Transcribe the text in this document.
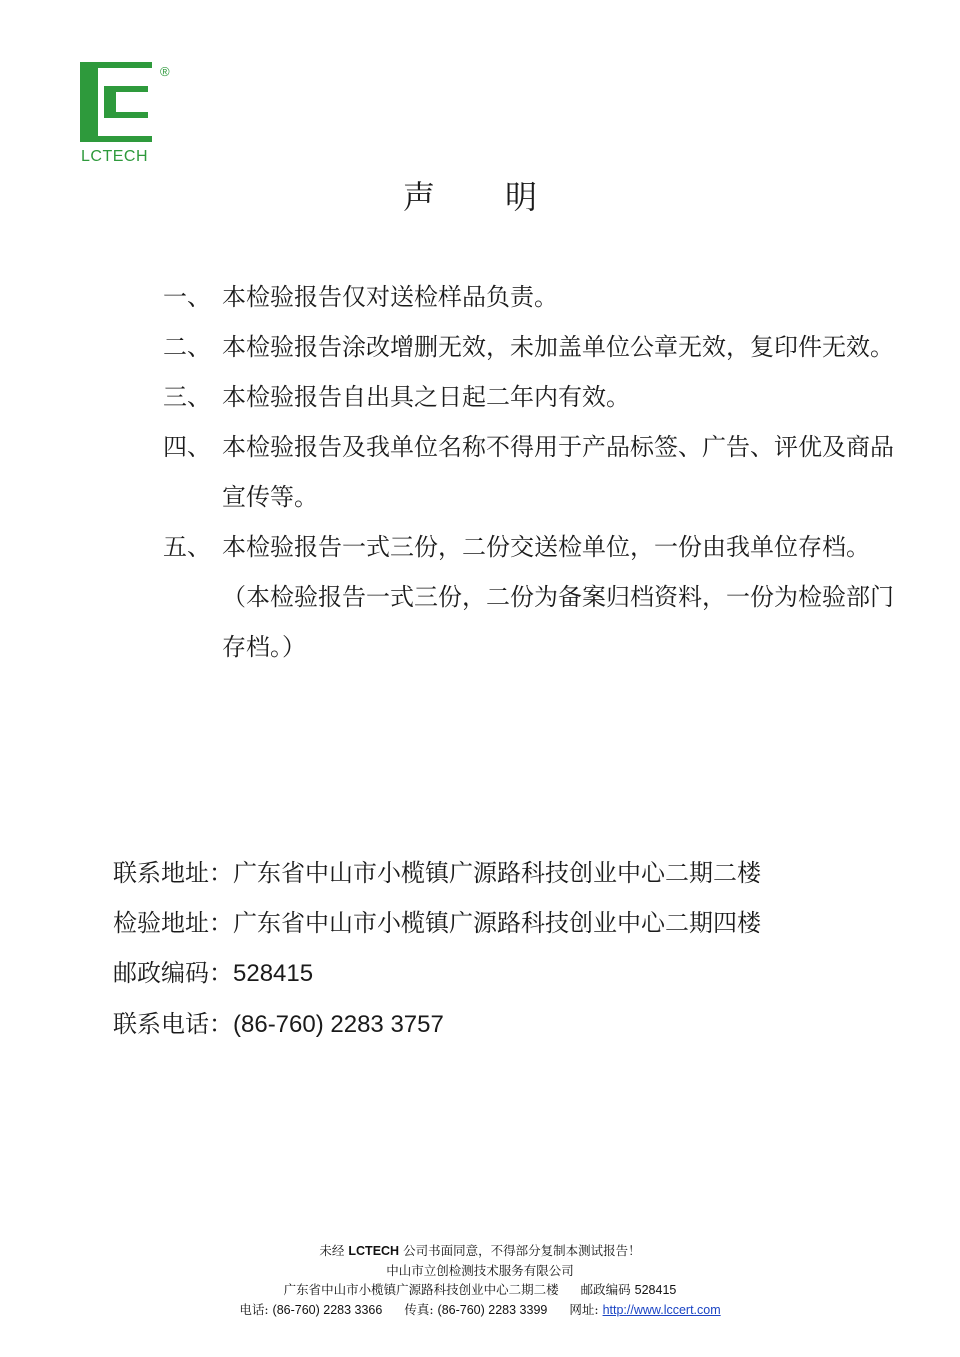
®
LCTECH
声明
一、 本检验报告仅对送检样品负责。
二、 本检验报告涂改增删无效，未加盖单位公章无效，复印件无效。
三、 本检验报告自出具之日起二年内有效。
四、 本检验报告及我单位名称不得用于产品标签、广告、评优及商品宣传等。
五、 本检验报告一式三份，二份交送检单位，一份由我单位存档。（本检验报告一式三份，二份为备案归档资料，一份为检验部门存档。）
联系地址：广东省中山市小榄镇广源路科技创业中心二期二楼
检验地址：广东省中山市小榄镇广源路科技创业中心二期四楼
邮政编码：528415
联系电话：(86-760) 2283 3757
未经 LCTECH 公司书面同意，不得部分复制本测试报告！
中山市立创检测技术服务有限公司
广东省中山市小榄镇广源路科技创业中心二期二楼 邮政编码 528415
电话: (86-760) 2283 3366 传真: (86-760) 2283 3399 网址: http://www.lccert.com
